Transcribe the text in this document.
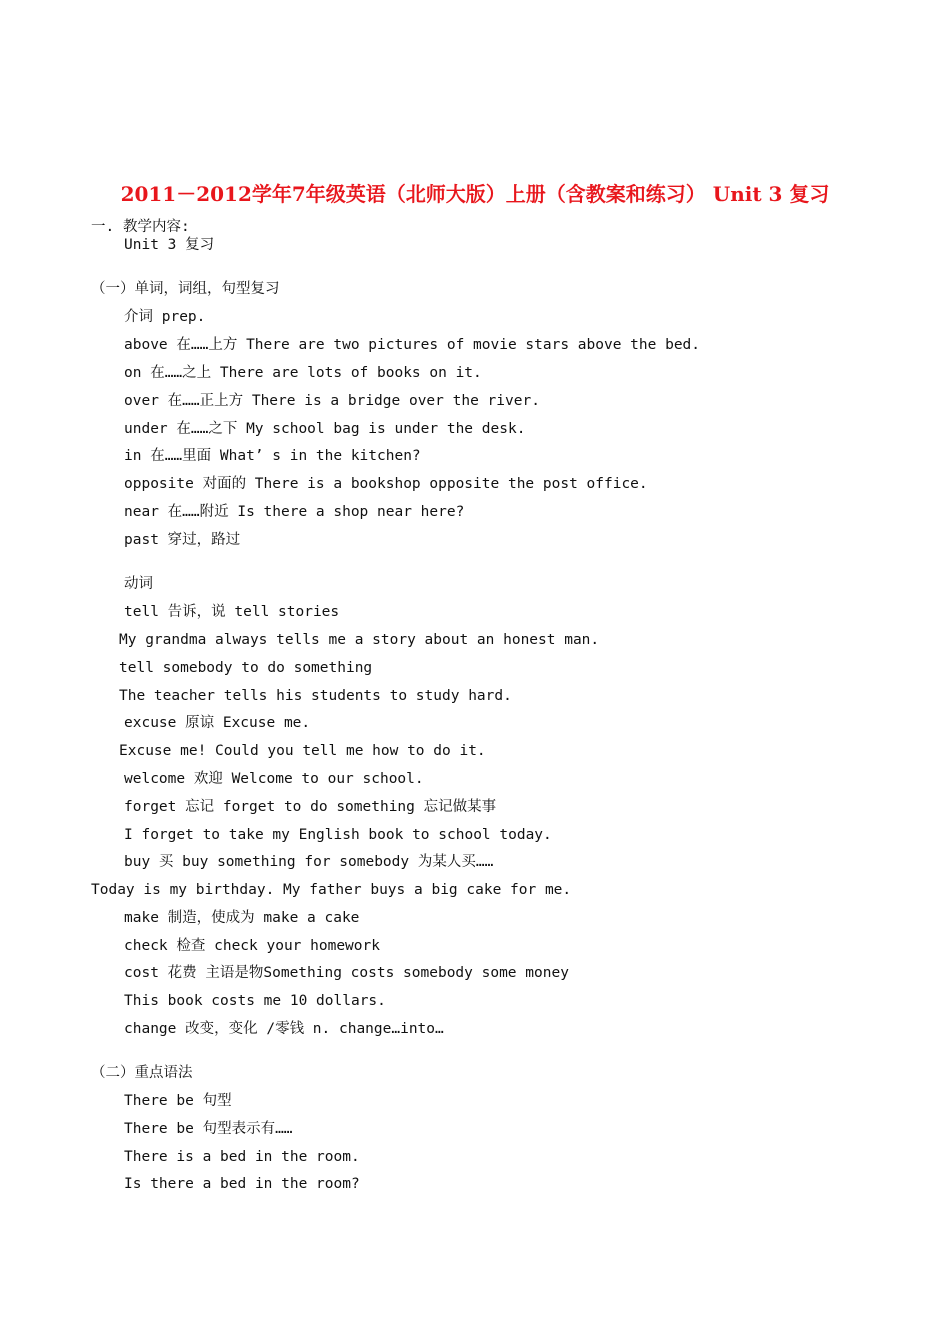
2011－2012学年7年级英语（北师大版）上册（含教案和练习） Unit 3 复习
一. 教学内容:
Unit 3 复习
（一）单词，词组，句型复习
介词 prep.
above 在……上方 There are two pictures of movie stars above the bed.
on 在……之上 There are lots of books on it.
over 在……正上方 There is a bridge over the river.
under 在……之下 My school bag is under the desk.
in 在……里面 What’ s in the kitchen?
opposite 对面的 There is a bookshop opposite the post office.
near 在……附近 Is there a shop near here?
past 穿过，路过
动词
tell 告诉，说 tell stories
My grandma always tells me a story about an honest man.
tell somebody to do something
The teacher tells his students to study hard.
excuse 原谅 Excuse me.
Excuse me! Could you tell me how to do it.
welcome 欢迎 Welcome to our school.
forget 忘记 forget to do something 忘记做某事
I forget to take my English book to school today.
buy 买 buy something for somebody 为某人买……
Today is my birthday. My father buys a big cake for me.
make 制造，使成为 make a cake
check 检查 check your homework
cost 花费 主语是物Something costs somebody some money
This book costs me 10 dollars.
change 改变，变化 /零钱 n. change…into…
（二）重点语法
There be 句型
There be 句型表示有……
There is a bed in the room.
Is there a bed in the room?
